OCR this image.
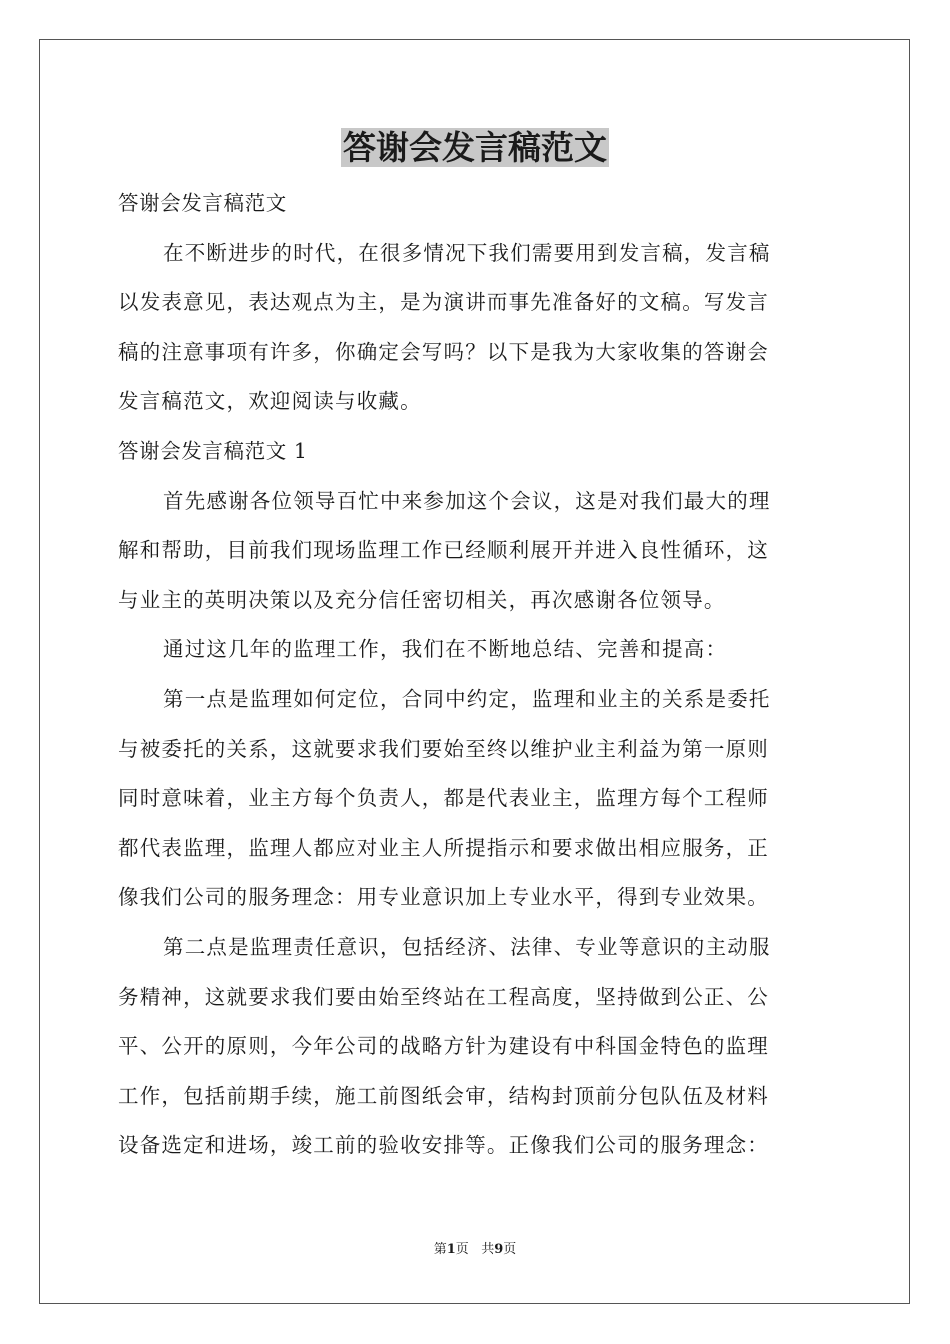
答谢会发言稿范文
答谢会发言稿范文
在不断进步的时代，在很多情况下我们需要用到发言稿，发言稿
以发表意见，表达观点为主，是为演讲而事先准备好的文稿。写发言
稿的注意事项有许多，你确定会写吗？以下是我为大家收集的答谢会
发言稿范文，欢迎阅读与收藏。
答谢会发言稿范文 1
首先感谢各位领导百忙中来参加这个会议，这是对我们最大的理
解和帮助，目前我们现场监理工作已经顺利展开并进入良性循环，这
与业主的英明决策以及充分信任密切相关，再次感谢各位领导。
通过这几年的监理工作，我们在不断地总结、完善和提高：
第一点是监理如何定位，合同中约定，监理和业主的关系是委托
与被委托的关系，这就要求我们要始至终以维护业主利益为第一原则
同时意味着，业主方每个负责人，都是代表业主，监理方每个工程师
都代表监理，监理人都应对业主人所提指示和要求做出相应服务，正
像我们公司的服务理念：用专业意识加上专业水平，得到专业效果。
第二点是监理责任意识，包括经济、法律、专业等意识的主动服
务精神，这就要求我们要由始至终站在工程高度，坚持做到公正、公
平、公开的原则，今年公司的战略方针为建设有中科国金特色的监理
工作，包括前期手续，施工前图纸会审，结构封顶前分包队伍及材料
设备选定和进场，竣工前的验收安排等。正像我们公司的服务理念：
第1页 共9页
